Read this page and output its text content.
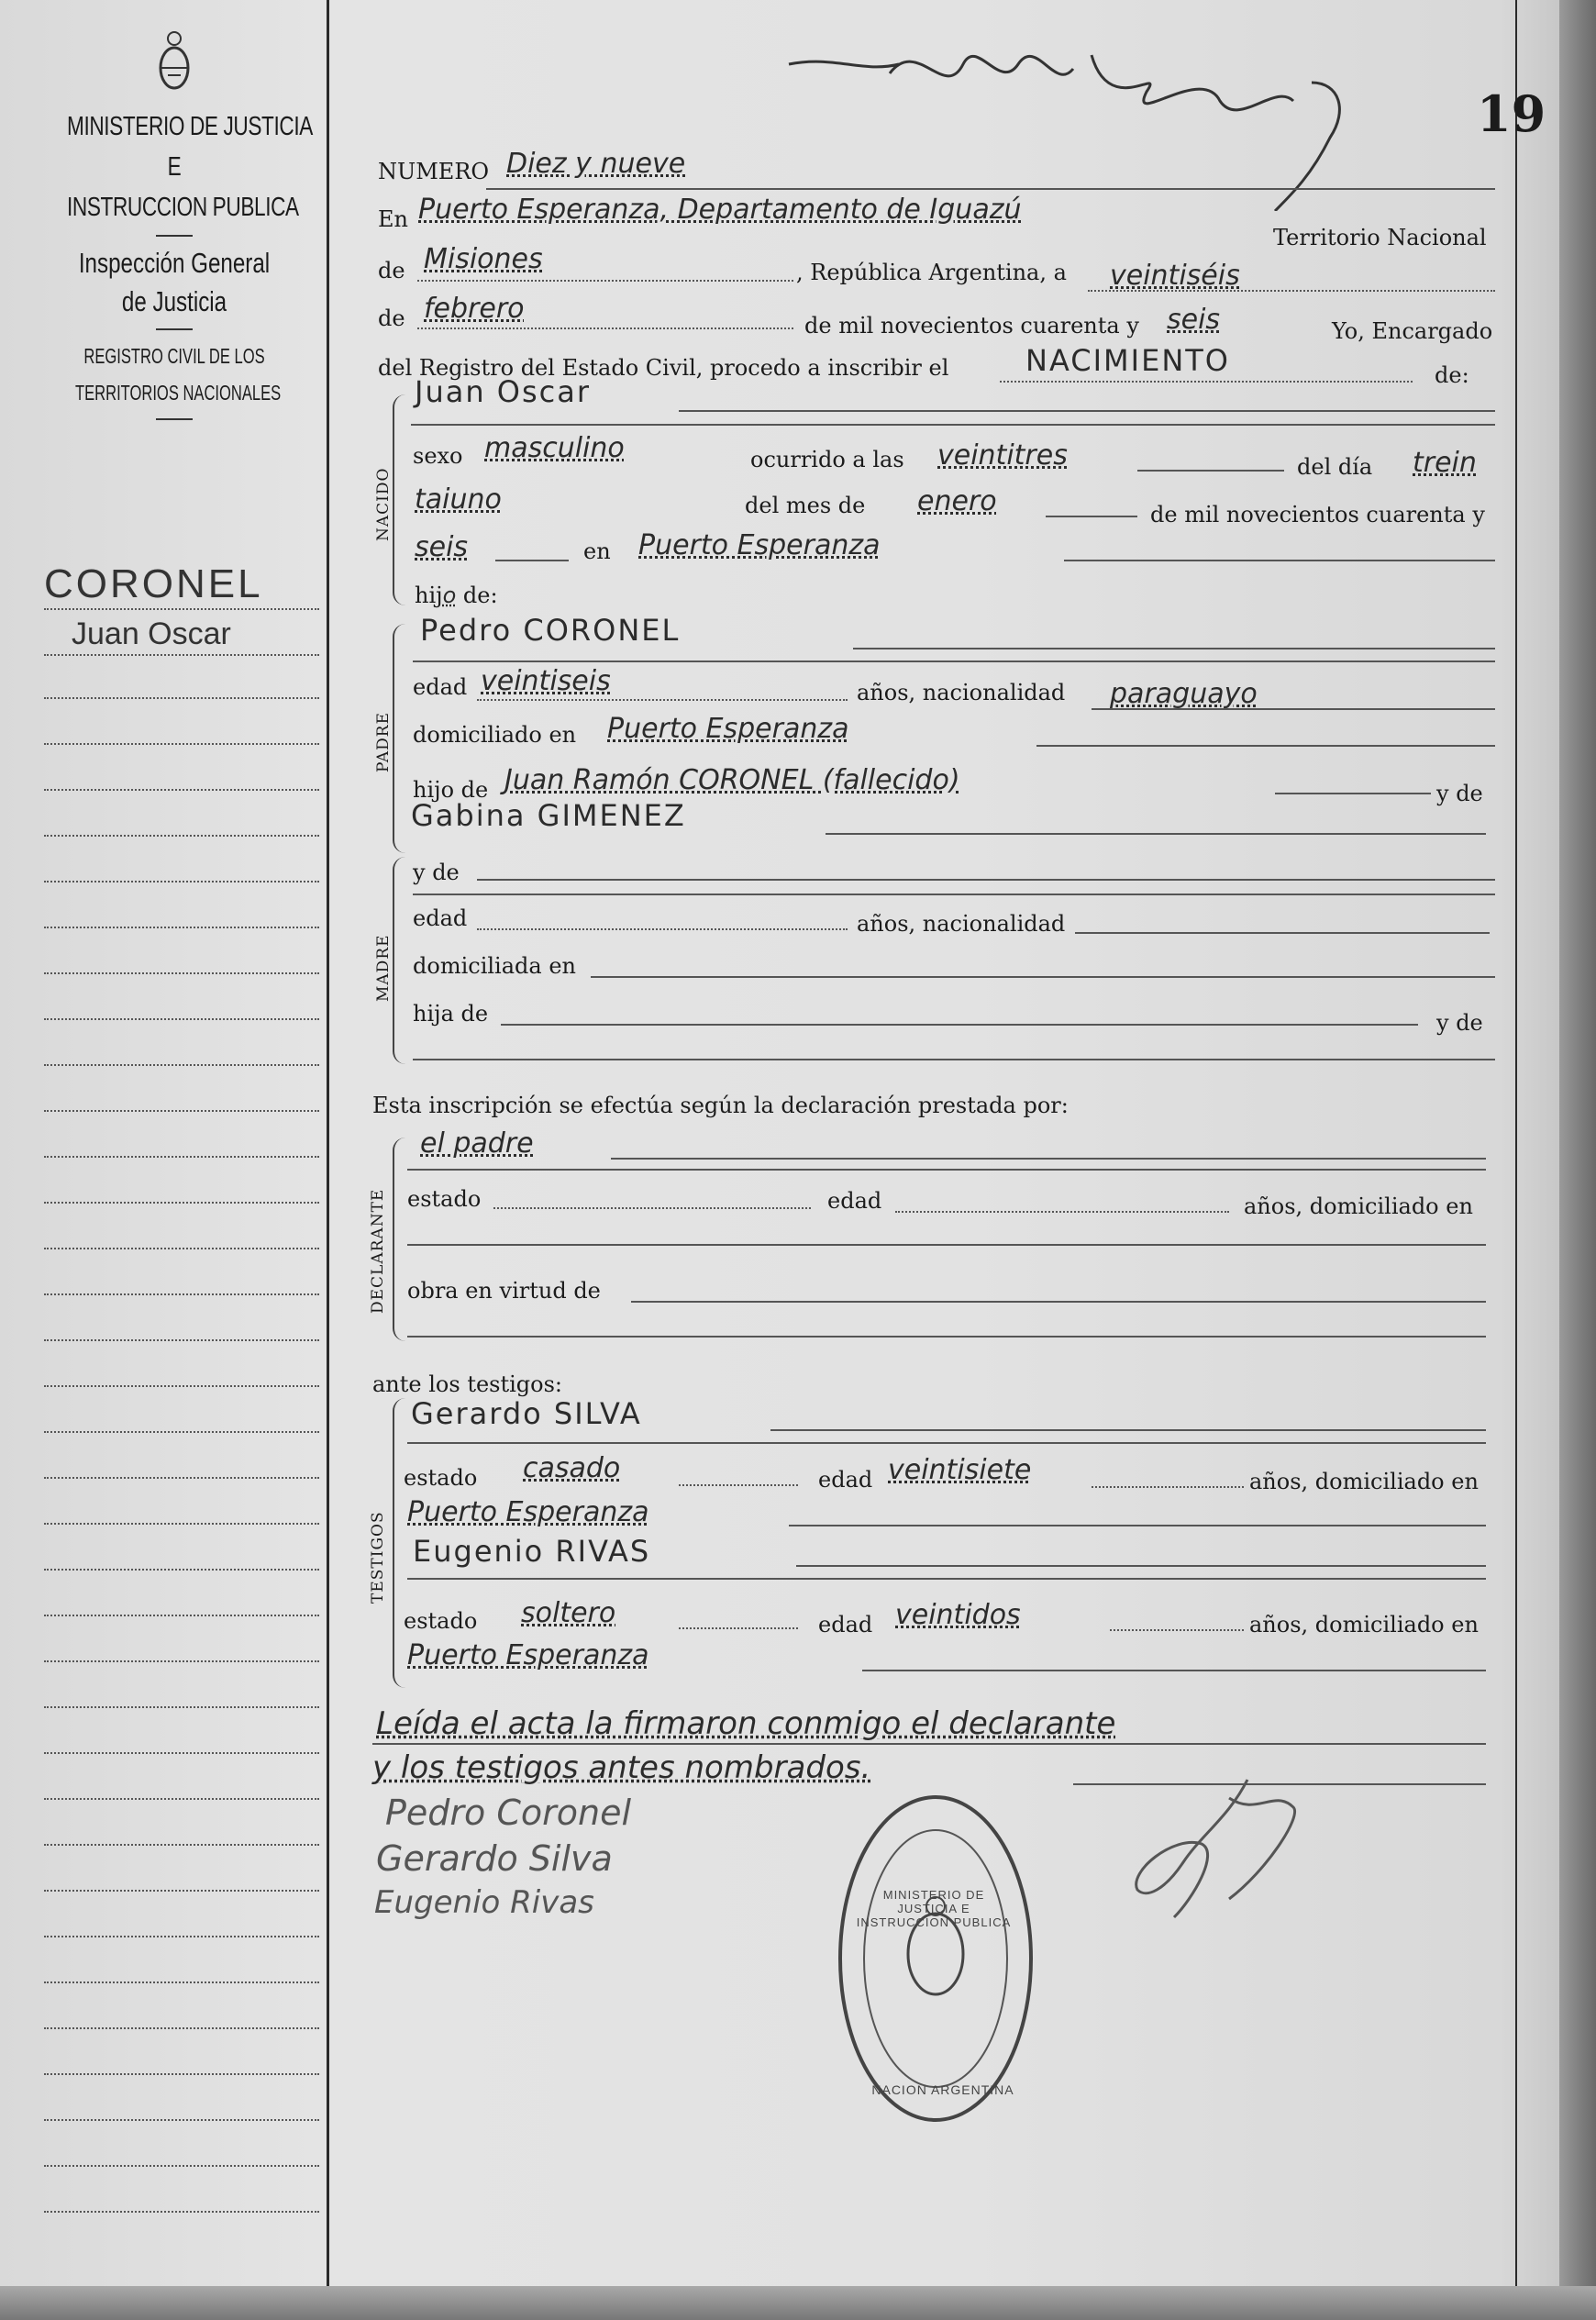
MINISTERIO DE JUSTICIA
E
INSTRUCCION PUBLICA
Inspección General
de Justicia
REGISTRO CIVIL DE LOS
TERRITORIOS NACIONALES
CORONEL
Juan Oscar
19
NUMERO Diez y nueve
En Puerto Esperanza, Departamento de Iguazú
Territorio Nacional
de Misiones	, República Argentina, a veintiséis
de febrero
de mil novecientos cuarenta y seis	Yo, Encargado
del Registro del Estado Civil, procedo a inscribir el	NACIMIENTO	de:
NACIDO
Juan Oscar
sexo masculino	ocurrido a las veintitres	del día trein
taiuno	del mes de enero	de mil novecientos cuarenta y
seis	en Puerto Esperanza
hijo de:
PADRE
Pedro CORONEL
edad veintiseis	años, nacionalidad paraguayo
domiciliado en Puerto Esperanza
hijo de Juan Ramón CORONEL (fallecido)	y de
Gabina GIMENEZ
MADRE
y de
edad	años, nacionalidad
domiciliada en
hija de	y de
Esta inscripción se efectúa según la declaración prestada por:
DECLARANTE
el padre
estado	edad	años, domiciliado en
obra en virtud de
ante los testigos:
TESTIGOS
Gerardo SILVA
estado casado	edad veintisiete	años, domiciliado en
Puerto Esperanza
Eugenio RIVAS
estado soltero	edad veintidos	años, domiciliado en
Puerto Esperanza
Leída el acta la firmaron conmigo el declarante
y los testigos antes nombrados.
Pedro Coronel
Gerardo Silva
Eugenio Rivas	MINISTERIO DE JUSTICIA E INSTRUCCION PUBLICA
NACION ARGENTINA
